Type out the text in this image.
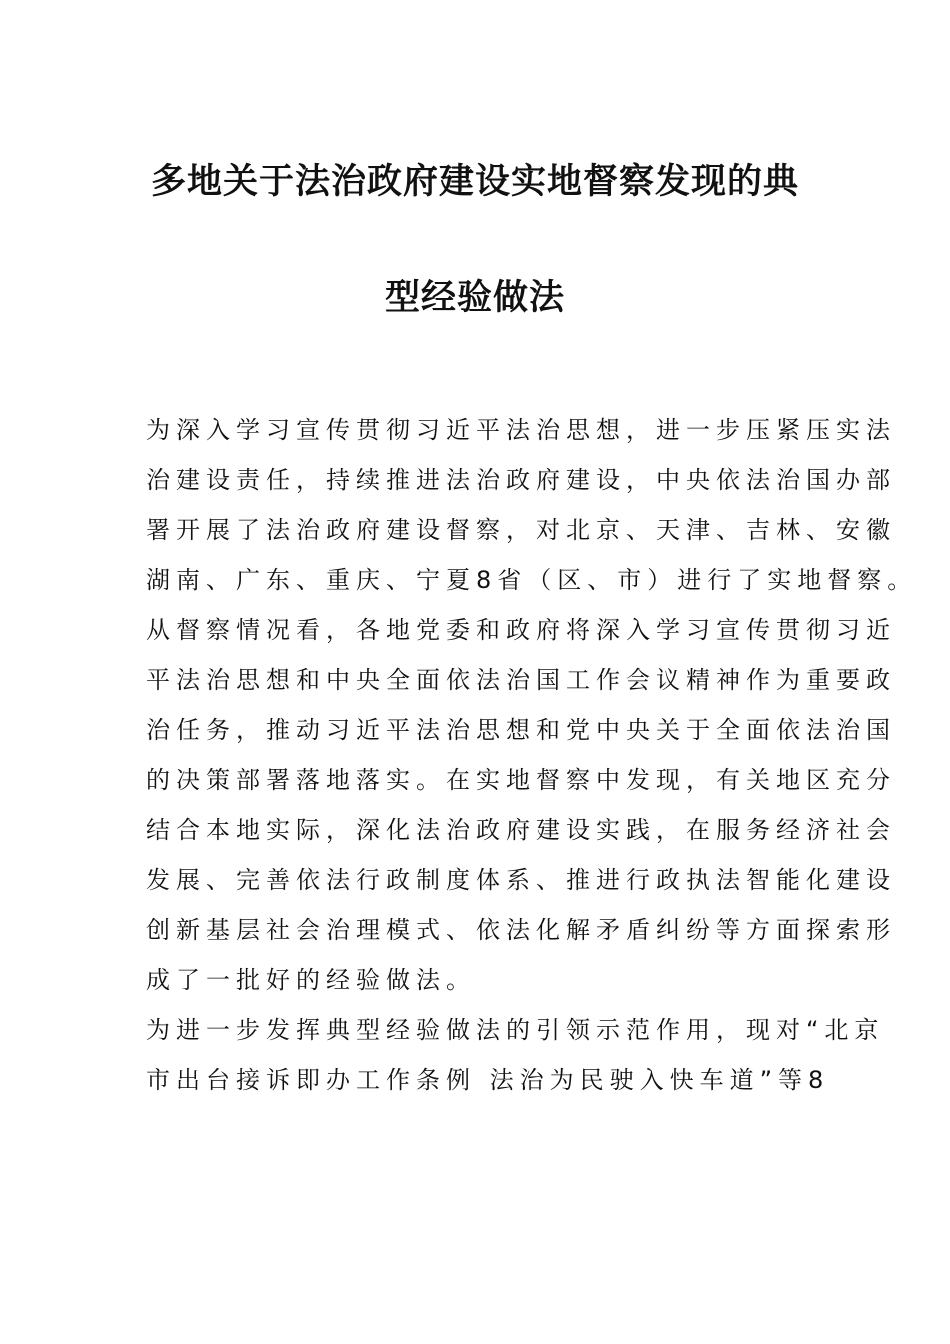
多地关于法治政府建设实地督察发现的典
型经验做法
为深入学习宣传贯彻习近平法治思想，进一步压紧压实法
治建设责任，持续推进法治政府建设，中央依法治国办部
署开展了法治政府建设督察，对北京、天津、吉林、安徽
湖南、广东、重庆、宁夏8省（区、市）进行了实地督察。
从督察情况看，各地党委和政府将深入学习宣传贯彻习近
平法治思想和中央全面依法治国工作会议精神作为重要政
治任务，推动习近平法治思想和党中央关于全面依法治国
的决策部署落地落实。在实地督察中发现，有关地区充分
结合本地实际，深化法治政府建设实践，在服务经济社会
发展、完善依法行政制度体系、推进行政执法智能化建设
创新基层社会治理模式、依法化解矛盾纠纷等方面探索形
成了一批好的经验做法。
为进一步发挥典型经验做法的引领示范作用，现对“北京
市出台接诉即办工作条例 法治为民驶入快车道”等8
